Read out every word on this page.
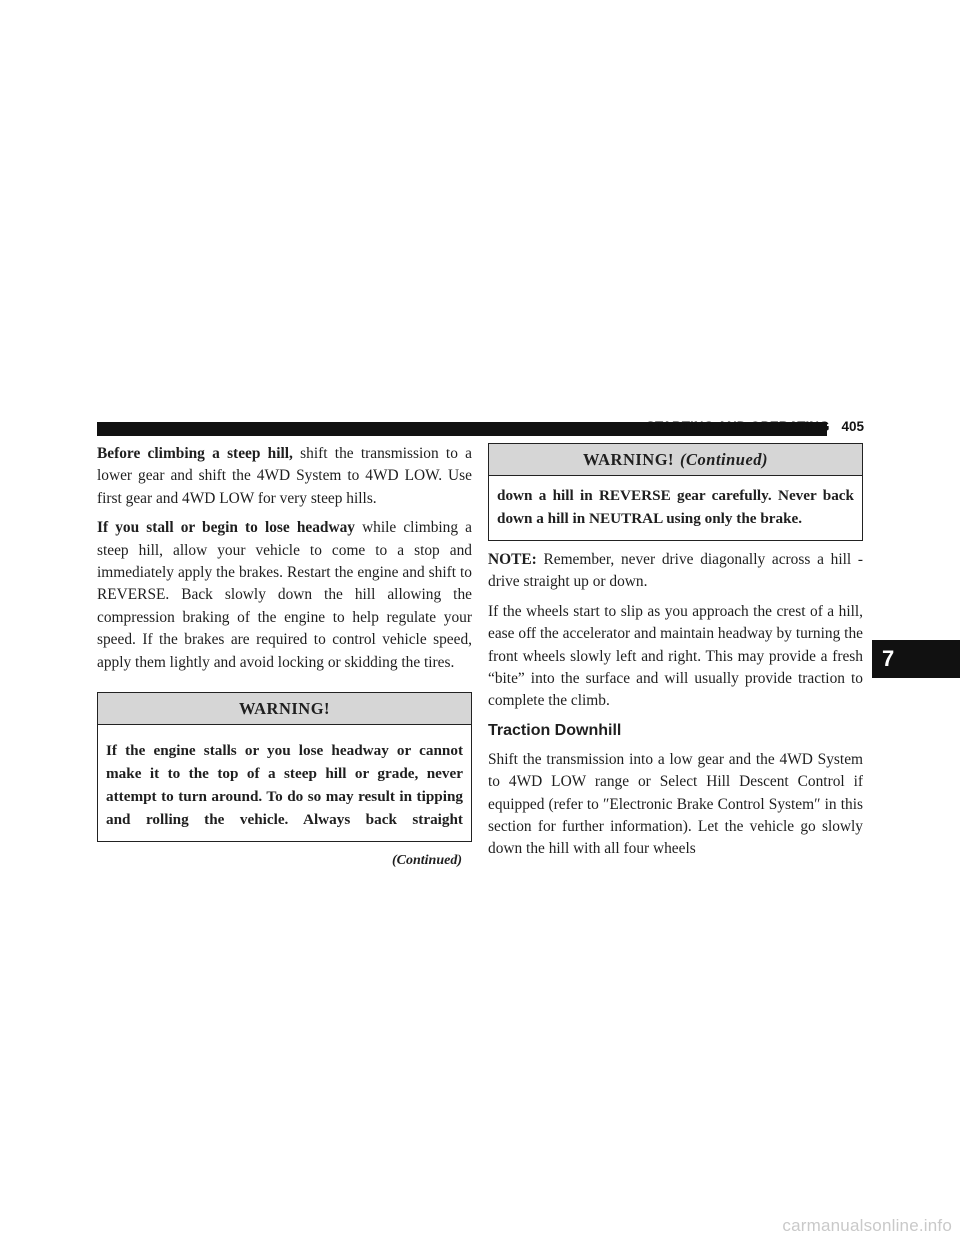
STARTING AND OPERATING 405

Before climbing a steep hill, shift the transmission to a lower gear and shift the 4WD System to 4WD LOW. Use first gear and 4WD LOW for very steep hills.

If you stall or begin to lose headway while climbing a steep hill, allow your vehicle to come to a stop and immediately apply the brakes. Restart the engine and shift to REVERSE. Back slowly down the hill allowing the compression braking of the engine to help regulate your speed. If the brakes are required to control vehicle speed, apply them lightly and avoid locking or skidding the tires.

WARNING!
If the engine stalls or you lose headway or cannot make it to the top of a steep hill or grade, never attempt to turn around. To do so may result in tipping and rolling the vehicle. Always back straight
(Continued)
WARNING! (Continued)
down a hill in REVERSE gear carefully. Never back down a hill in NEUTRAL using only the brake.

NOTE: Remember, never drive diagonally across a hill - drive straight up or down.

If the wheels start to slip as you approach the crest of a hill, ease off the accelerator and maintain headway by turning the front wheels slowly left and right. This may provide a fresh “bite” into the surface and will usually provide traction to complete the climb.

Traction Downhill

Shift the transmission into a low gear and the 4WD System to 4WD LOW range or Select Hill Descent Control if equipped (refer to ″Electronic Brake Control System″ in this section for further information). Let the vehicle go slowly down the hill with all four wheels

7
carmanualsonline.info
